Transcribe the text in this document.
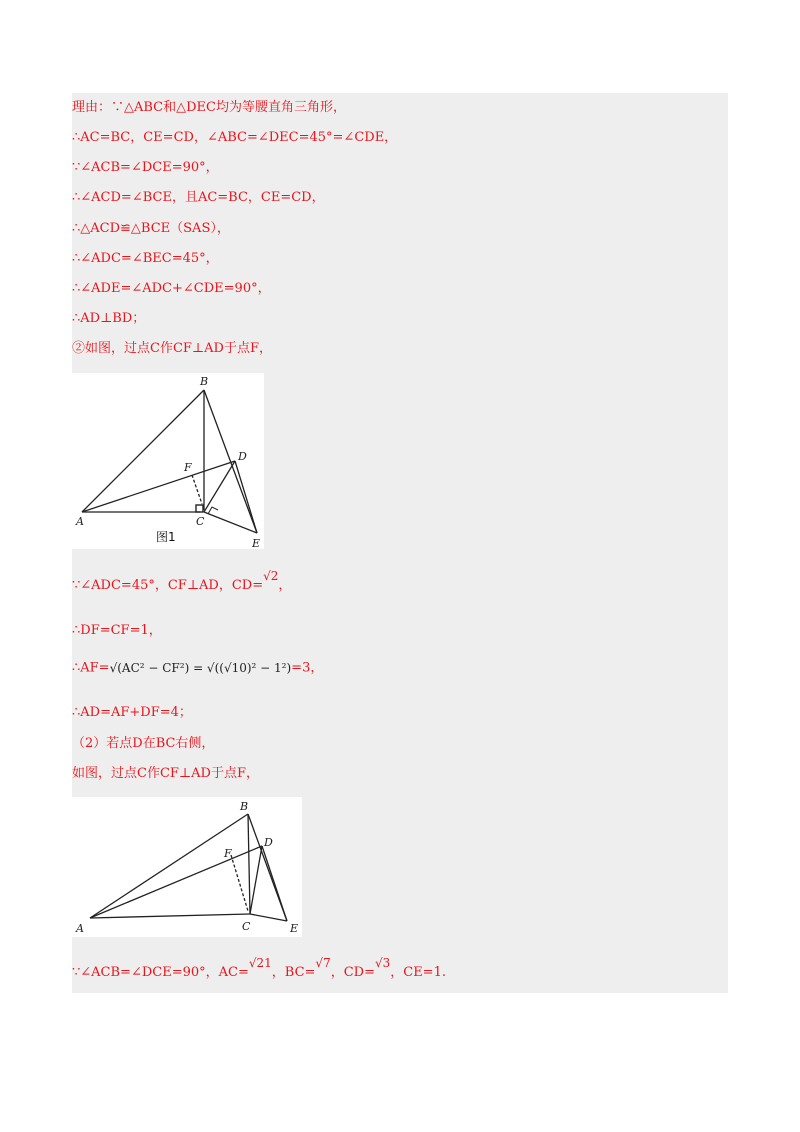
理由：∵△ABC和△DEC均为等腰直角三角形，
∴AC=BC，CE=CD，∠ABC=∠DEC=45°=∠CDE，
∵∠ACB=∠DCE=90°，
∴∠ACD=∠BCE，且AC=BC，CE=CD，
∴△ACD≌△BCE（SAS），
∴∠ADC=∠BEC=45°，
∴∠ADE=∠ADC+∠CDE=90°，
∴AD⊥BD；
②如图，过点C作CF⊥AD于点F，
B
D
F
A	C
E
图1
∵∠ADC=45°，CF⊥AD，CD=√2，
∴DF=CF=1，
∴AF=√(AC² − CF²) = √((√10)² − 1²)=3，
∴AD=AF+DF=4；
（2）若点D在BC右侧，
如图，过点C作CF⊥AD于点F，
B
D
F
A	C	E
∵∠ACB=∠DCE=90°，AC=√21，BC=√7，CD=√3，CE=1.
